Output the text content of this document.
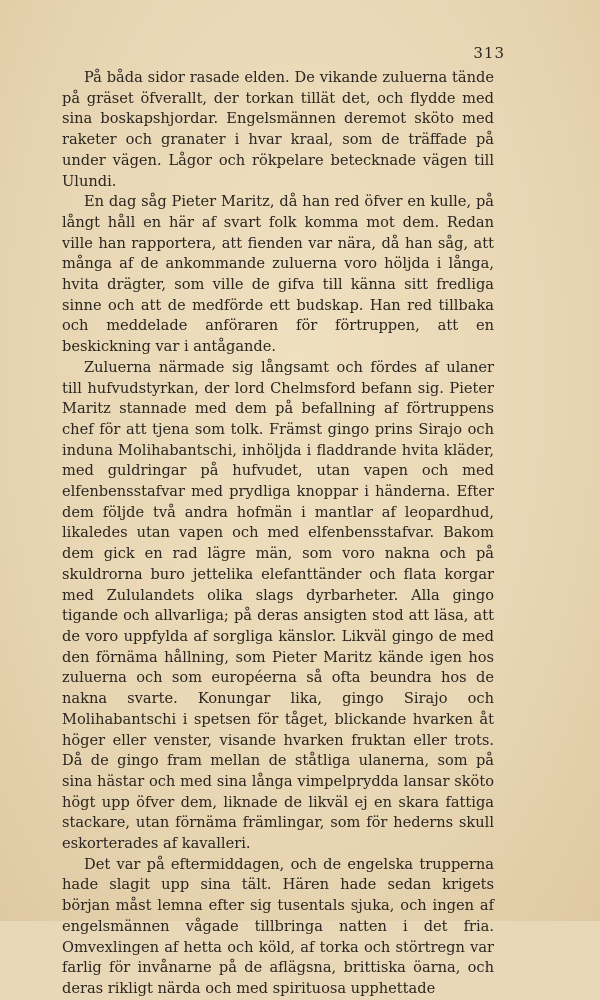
313

På båda sidor rasade elden. De vikande zuluerna tände på gräset öfverallt, der torkan tillät det, och flydde med sina boskapshjordar. Engelsmännen deremot sköto med raketer och granater i hvar kraal, som de träffade på under vägen. Lågor och rökpelare betecknade vägen till Ulundi.

En dag såg Pieter Maritz, då han red öfver en kulle, på långt håll en här af svart folk komma mot dem. Redan ville han rapportera, att fienden var nära, då han såg, att många af de ankommande zuluerna voro höljda i långa, hvita drägter, som ville de gifva till känna sitt fredliga sinne och att de medförde ett budskap. Han red tillbaka och meddelade anföraren för förtruppen, att en beskickning var i antågande.

Zuluerna närmade sig långsamt och fördes af ulaner till hufvudstyrkan, der lord Chelmsford befann sig. Pieter Maritz stannade med dem på befallning af förtruppens chef för att tjena som tolk. Främst gingo prins Sirajo och induna Molihabantschi, inhöljda i fladdrande hvita kläder, med guldringar på hufvudet, utan vapen och med elfenbensstafvar med prydliga knoppar i händerna. Efter dem följde två andra hofmän i mantlar af leopardhud, likaledes utan vapen och med elfenbensstafvar. Bakom dem gick en rad lägre män, som voro nakna och på skuldrorna buro jettelika elefanttänder och flata korgar med Zululandets olika slags dyrbarheter. Alla gingo tigande och allvarliga; på deras ansigten stod att läsa, att de voro uppfylda af sorgliga känslor. Likväl gingo de med den förnäma hållning, som Pieter Maritz kände igen hos zuluerna och som européerna så ofta beundra hos de nakna svarte. Konungar lika, gingo Sirajo och Molihabantschi i spetsen för tåget, blickande hvarken åt höger eller venster, visande hvarken fruktan eller trots. Då de gingo fram mellan de ståtliga ulanerna, som på sina hästar och med sina långa vimpelprydda lansar sköto högt upp öfver dem, liknade de likväl ej en skara fattiga stackare, utan förnäma främlingar, som för hederns skull eskorterades af kavalleri.

Det var på eftermiddagen, och de engelska trupperna hade slagit upp sina tält. Hären hade sedan krigets början måst lemna efter sig tusentals sjuka, och ingen af engelsmännen vågade tillbringa natten i det fria. Omvexlingen af hetta och köld, af torka och störtregn var farlig för invånarne på de aflägsna, brittiska öarna, och deras rikligt närda och med spirituosa upphettade
